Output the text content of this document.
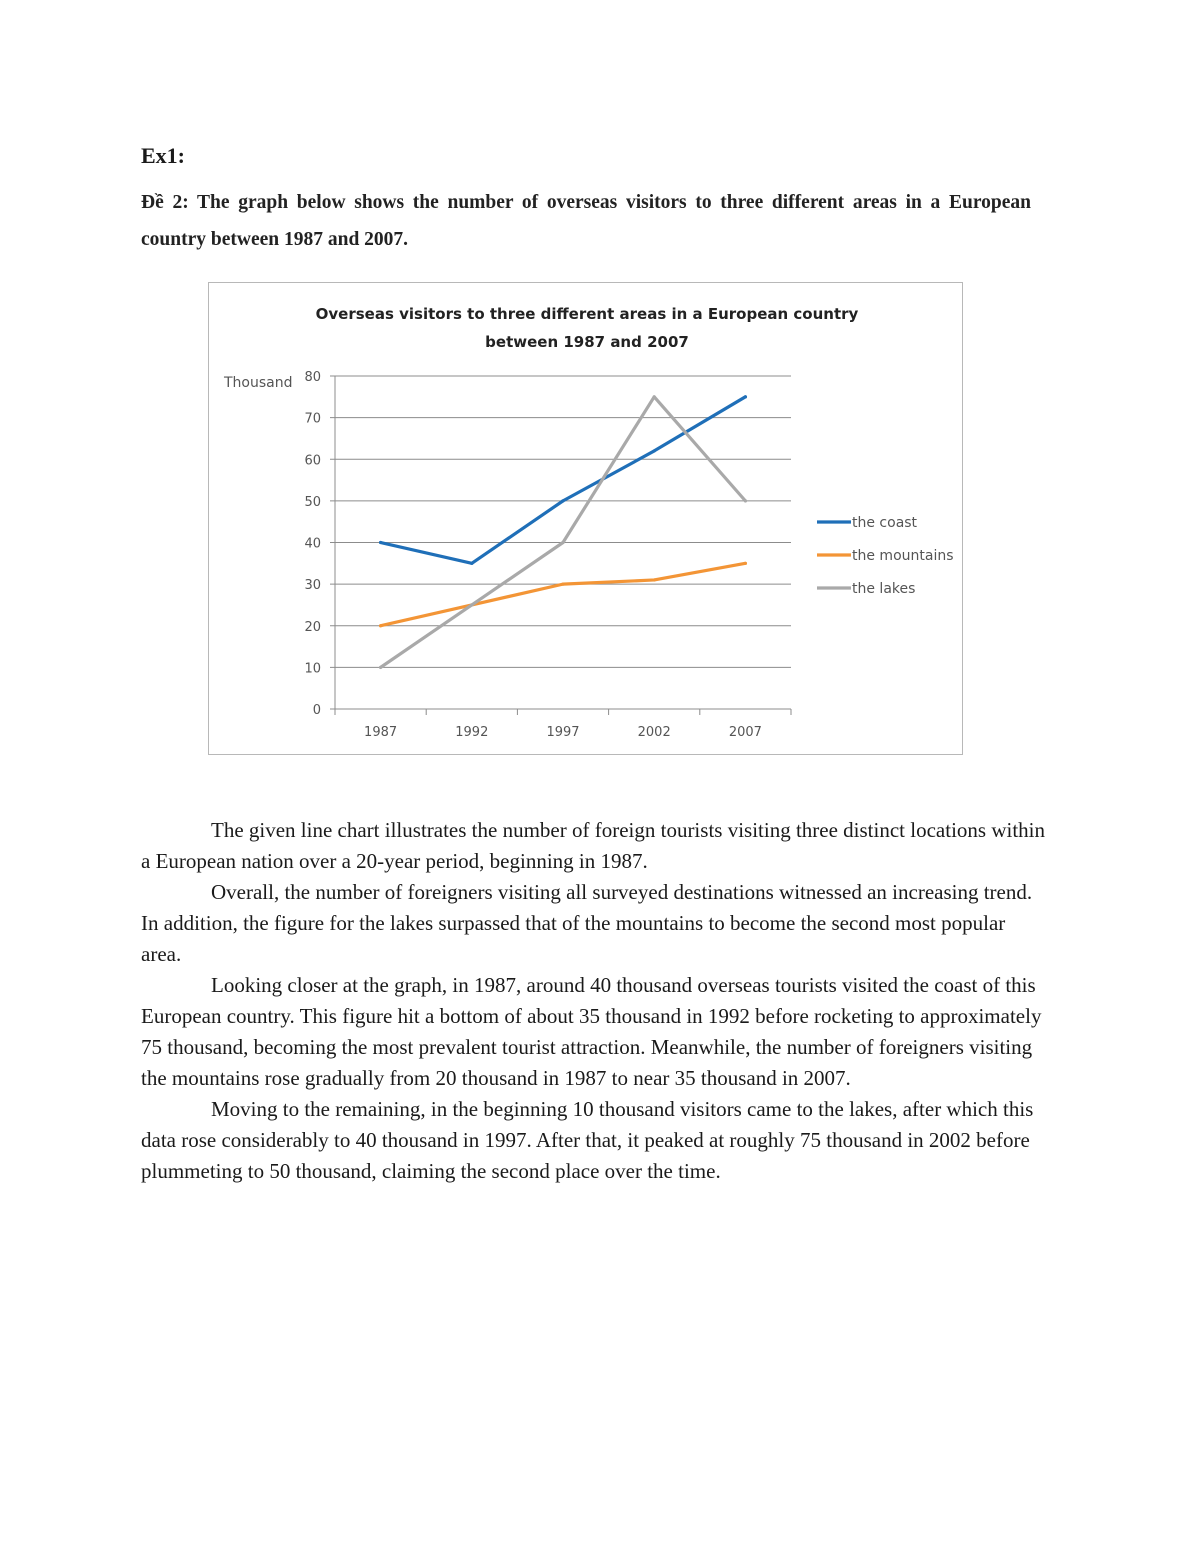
Ex1:
Đề 2: The graph below shows the number of overseas visitors to three different areas in a European country between 1987 and 2007.
Overseas visitors to three different areas in a European country
between 1987 and 2007
Thousand
0
10
20
30
40
50
60
70
80
1987	1992	1997	2002	2007
the coast
the mountains
the lakes

The given line chart illustrates the number of foreign tourists visiting three distinct locations within a European nation over a 20-year period, beginning in 1987.

Overall, the number of foreigners visiting all surveyed destinations witnessed an increasing trend. In addition, the figure for the lakes surpassed that of the mountains to become the second most popular area.

Looking closer at the graph, in 1987, around 40 thousand overseas tourists visited the coast of this European country. This figure hit a bottom of about 35 thousand in 1992 before rocketing to approximately 75 thousand, becoming the most prevalent tourist attraction. Meanwhile, the number of foreigners visiting the mountains rose gradually from 20 thousand in 1987 to near 35 thousand in 2007.

Moving to the remaining, in the beginning 10 thousand visitors came to the lakes, after which this data rose considerably to 40 thousand in 1997. After that, it peaked at roughly 75 thousand in 2002 before plummeting to 50 thousand, claiming the second place over the time.
